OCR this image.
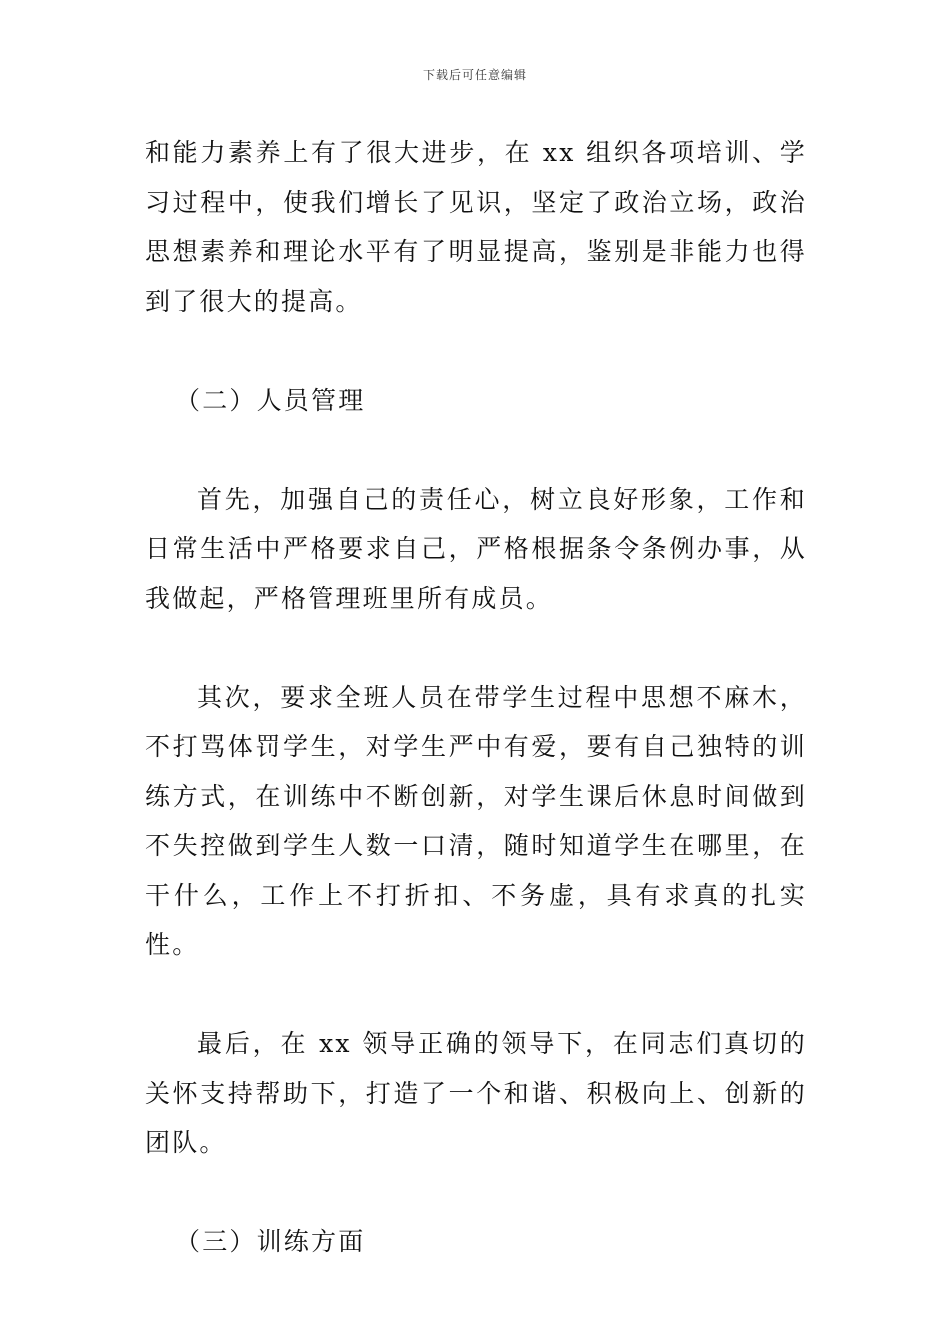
下载后可任意编辑

和能力素养上有了很大进步，在 xx 组织各项培训、学习过程中，使我们增长了见识，坚定了政治立场，政治思想素养和理论水平有了明显提高，鉴别是非能力也得到了很大的提高。

（二）人员管理

首先，加强自己的责任心，树立良好形象，工作和日常生活中严格要求自己，严格根据条令条例办事，从我做起，严格管理班里所有成员。

其次，要求全班人员在带学生过程中思想不麻木，不打骂体罚学生，对学生严中有爱，要有自己独特的训练方式，在训练中不断创新，对学生课后休息时间做到不失控做到学生人数一口清，随时知道学生在哪里，在干什么，工作上不打折扣、不务虚，具有求真的扎实性。

最后，在 xx 领导正确的领导下，在同志们真切的关怀支持帮助下，打造了一个和谐、积极向上、创新的团队。

（三）训练方面
